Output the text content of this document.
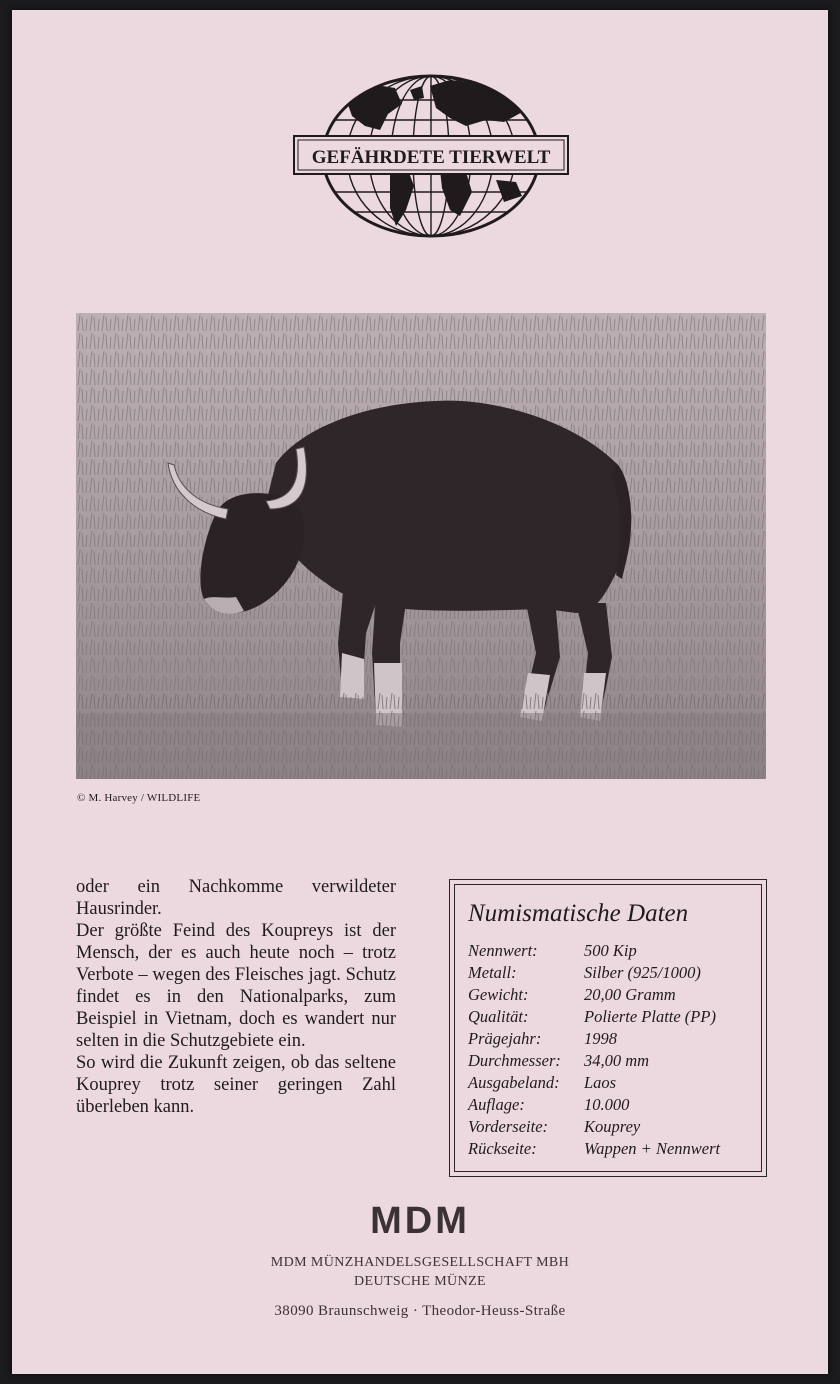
GEFÄHRDETE TIERWELT
© M. Harvey / WILDLIFE

oder ein Nachkomme verwildeter Hausrinder.

Der größte Feind des Koupreys ist der Mensch, der es auch heute noch – trotz Verbote – wegen des Fleisches jagt. Schutz findet es in den Nationalparks, zum Beispiel in Vietnam, doch es wandert nur selten in die Schutzgebiete ein.

So wird die Zukunft zeigen, ob das seltene Kouprey trotz seiner geringen Zahl überleben kann.

Numismatische Daten
Nennwert:	500 Kip
Metall:	Silber (925/1000)
Gewicht:	20,00 Gramm
Qualität:	Polierte Platte (PP)
Prägejahr:	1998
Durchmesser:	34,00 mm
Ausgabeland:	Laos
Auflage:	10.000
Vorderseite:	Kouprey
Rückseite:	Wappen + Nennwert
MDM
MDM MÜNZHANDELSGESELLSCHAFT MBH
DEUTSCHE MÜNZE
38090 Braunschweig · Theodor-Heuss-Straße
